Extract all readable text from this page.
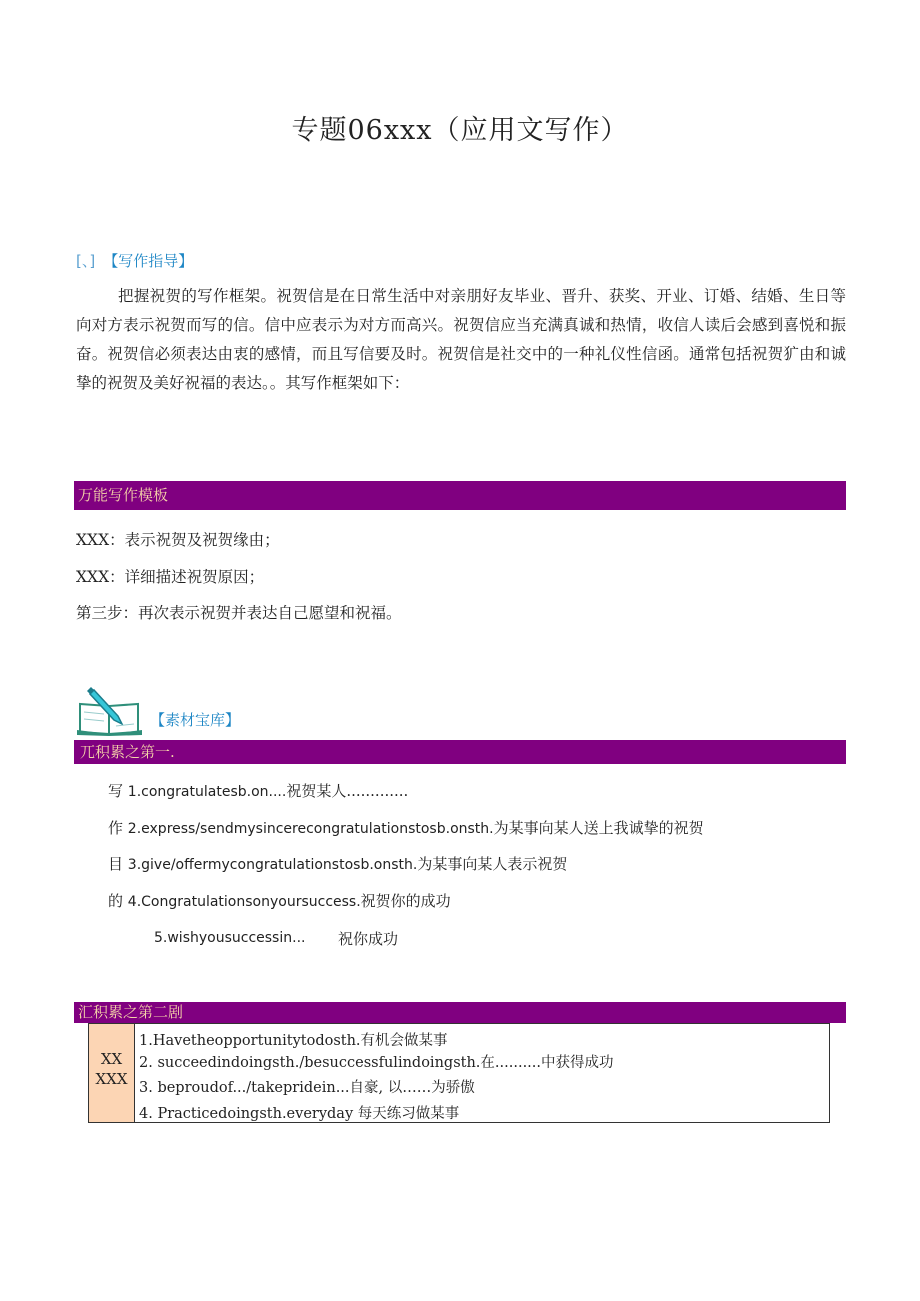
专题06xxx（应用文写作）
[、] 【写作指导】
把握祝贺的写作框架。祝贺信是在日常生活中对亲朋好友毕业、晋升、获奖、开业、订婚、结婚、生日等向对方表示祝贺而写的信。信中应表示为对方而高兴。祝贺信应当充满真诚和热情，收信人读后会感到喜悦和振奋。祝贺信必须表达由衷的感情，而且写信要及时。祝贺信是社交中的一种礼仪性信函。通常包括祝贺犷由和诚挚的祝贺及美好祝福的表达。。其写作框架如下：
万能写作模板
XXX：表示祝贺及祝贺缘由；
XXX：详细描述祝贺原因；
第三步：再次表示祝贺并表达自己愿望和祝福。
【素材宝库】
兀积累之第一.
写 1.congratulatesb.on....祝贺某人.............
作 2.express/sendmysincerecongratulationstosb.onsth.为某事向某人送上我诚挚的祝贺
目 3.give/offermycongratulationstosb.onsth.为某事向某人表示祝贺
的 4.Congratulationsonyoursuccess.祝贺你的成功
5.wishyousuccessin... 祝你成功
汇积累之第二剧
XX
XXX
1.Havetheopportunitytodosth.有机会做某事
2. succeedindoingsth./besuccessfulindoingsth.在..........中获得成功
3. beproudof.../takepridein...自豪, 以……为骄傲
4. Practicedoingsth.everyday 每天练习做某事
